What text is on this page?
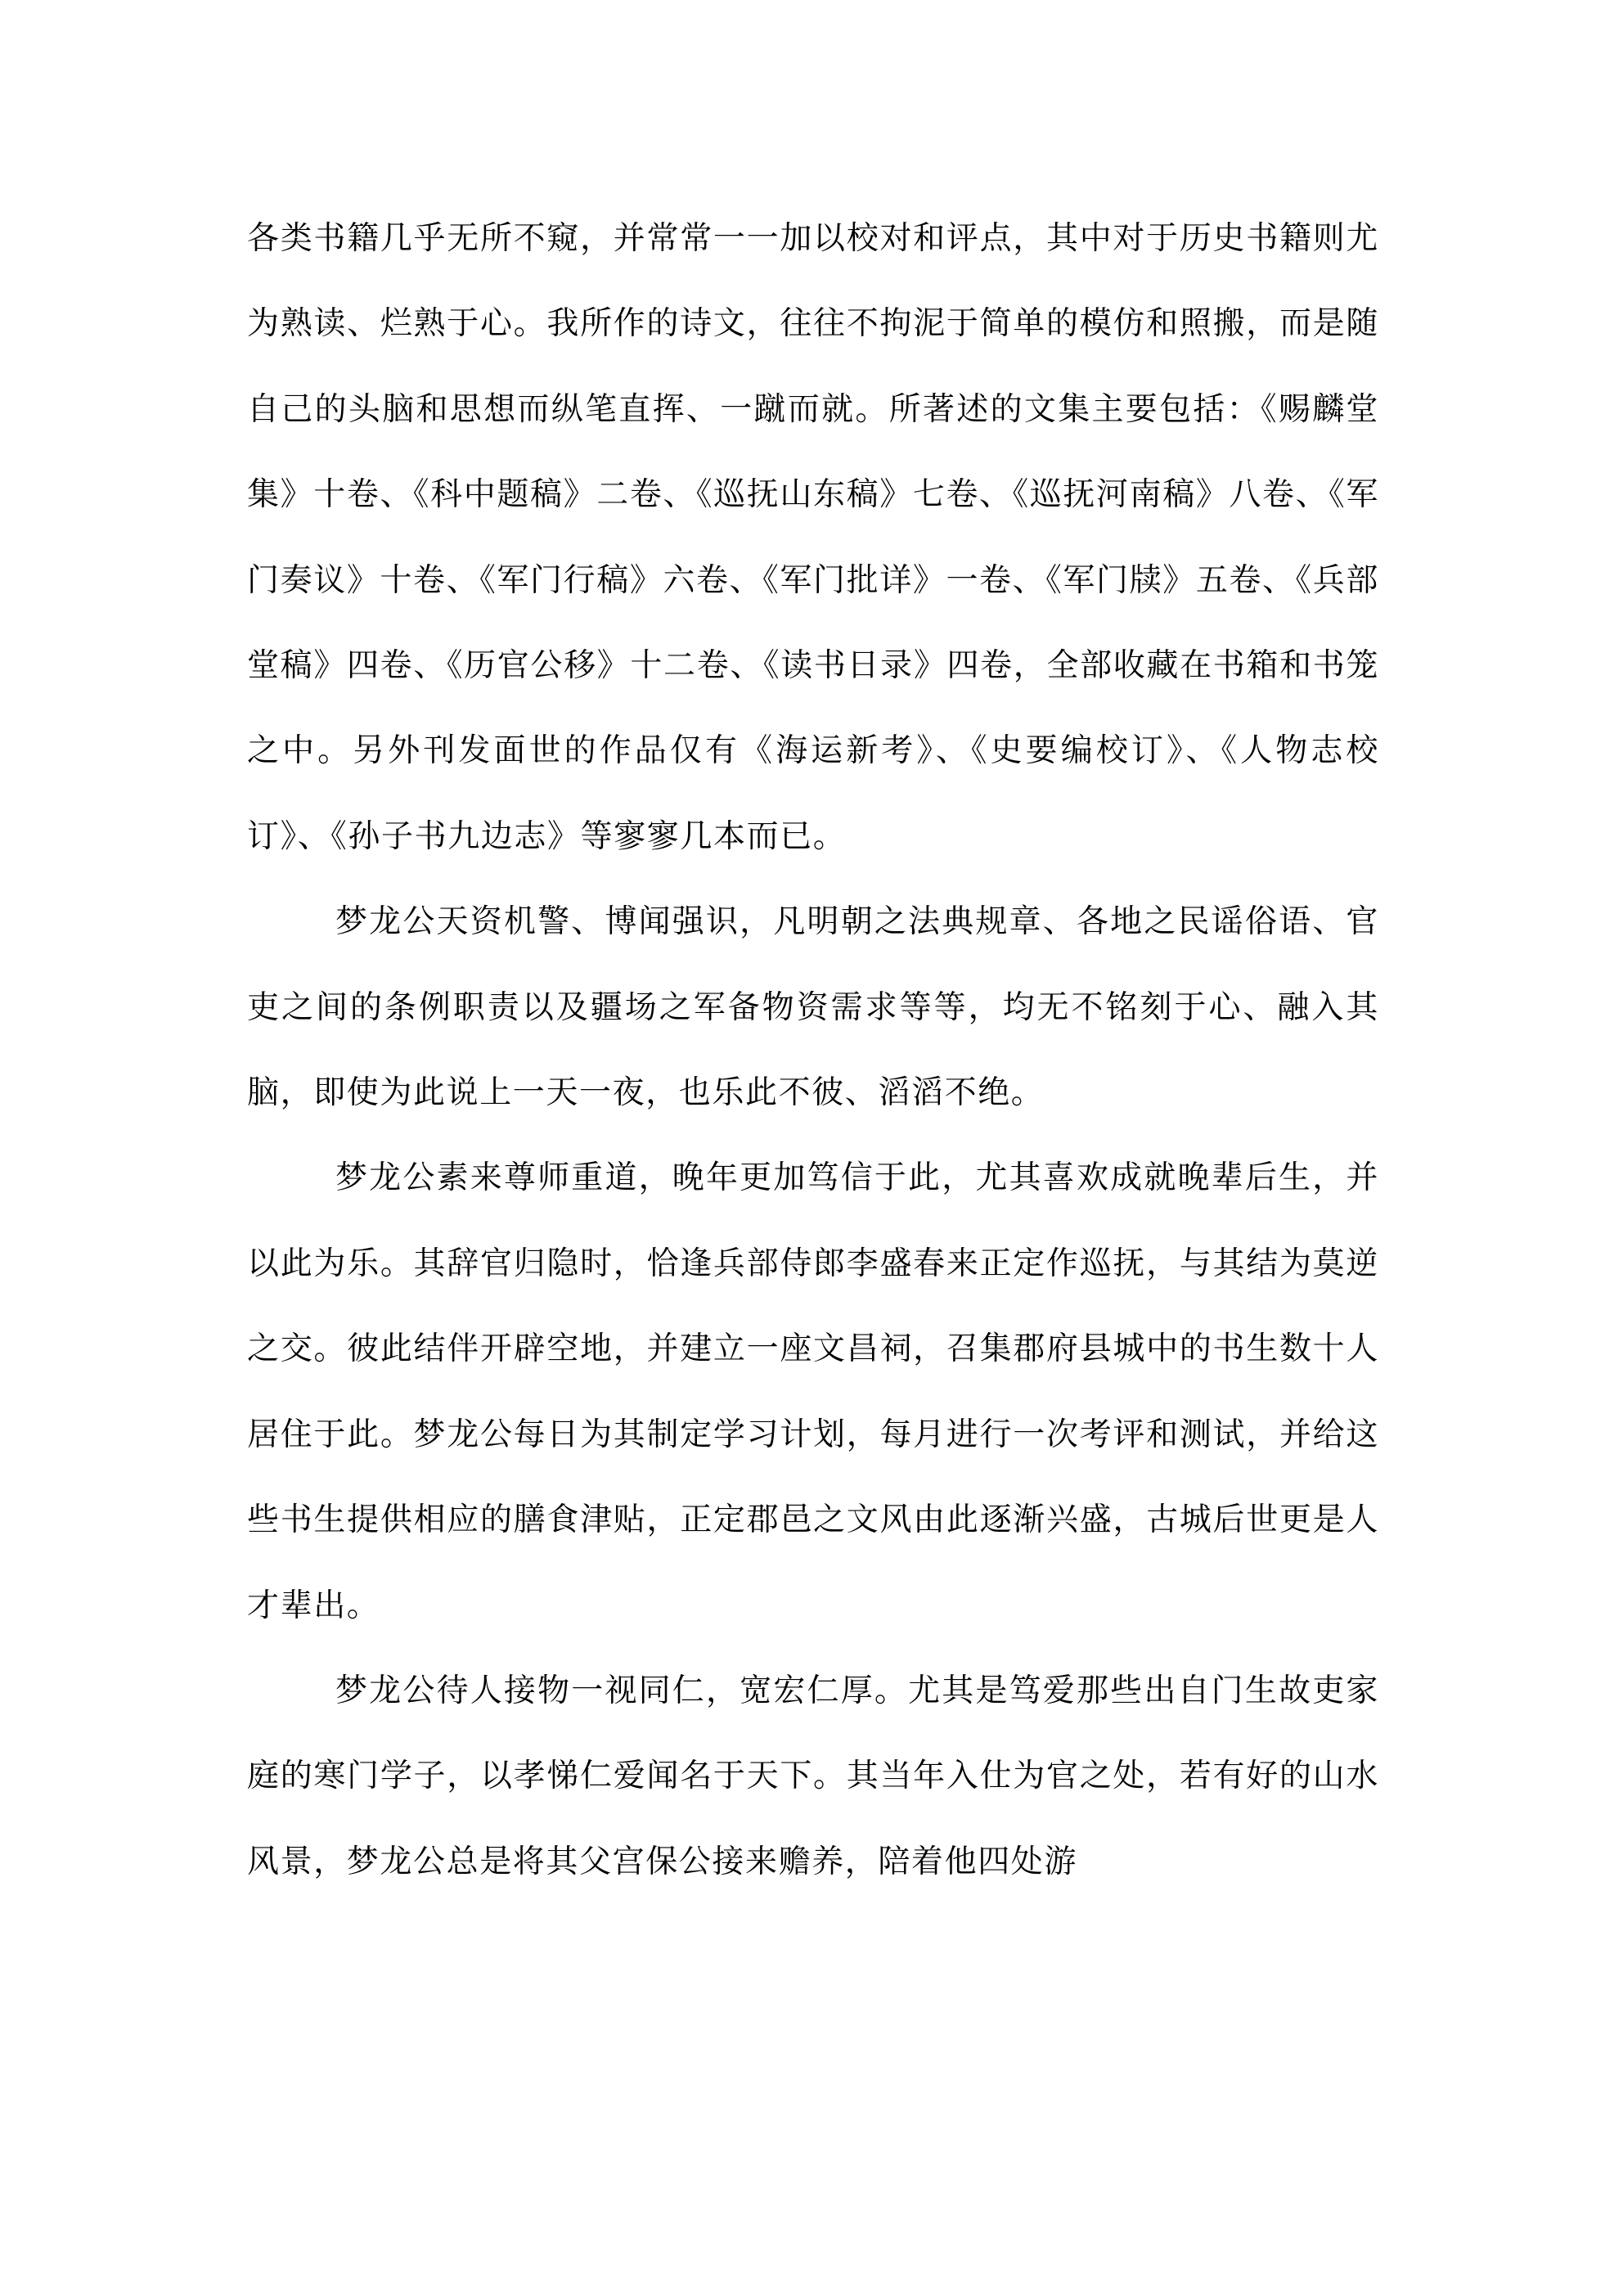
各类书籍几乎无所不窥，并常常一一加以校对和评点，其中对于历史书籍则尤为熟读、烂熟于心。我所作的诗文，往往不拘泥于简单的模仿和照搬，而是随自己的头脑和思想而纵笔直挥、一蹴而就。所著述的文集主要包括：《赐麟堂集》十卷、《科中题稿》二卷、《巡抚山东稿》七卷、《巡抚河南稿》八卷、《军门奏议》十卷、《军门行稿》六卷、《军门批详》一卷、《军门牍》五卷、《兵部堂稿》四卷、《历官公移》十二卷、《读书日录》四卷，全部收藏在书箱和书笼之中。另外刊发面世的作品仅有《海运新考》、《史要编校订》、《人物志校订》、《孙子书九边志》等寥寥几本而已。

梦龙公天资机警、博闻强识，凡明朝之法典规章、各地之民谣俗语、官吏之间的条例职责以及疆场之军备物资需求等等，均无不铭刻于心、融入其脑，即使为此说上一天一夜，也乐此不彼、滔滔不绝。

梦龙公素来尊师重道，晚年更加笃信于此，尤其喜欢成就晚辈后生，并以此为乐。其辞官归隐时，恰逢兵部侍郎李盛春来正定作巡抚，与其结为莫逆之交。彼此结伴开辟空地，并建立一座文昌祠，召集郡府县城中的书生数十人居住于此。梦龙公每日为其制定学习计划，每月进行一次考评和测试，并给这些书生提供相应的膳食津贴，正定郡邑之文风由此逐渐兴盛，古城后世更是人才辈出。

梦龙公待人接物一视同仁，宽宏仁厚。尤其是笃爱那些出自门生故吏家庭的寒门学子，以孝悌仁爱闻名于天下。其当年入仕为官之处，若有好的山水风景，梦龙公总是将其父宫保公接来赡养，陪着他四处游
